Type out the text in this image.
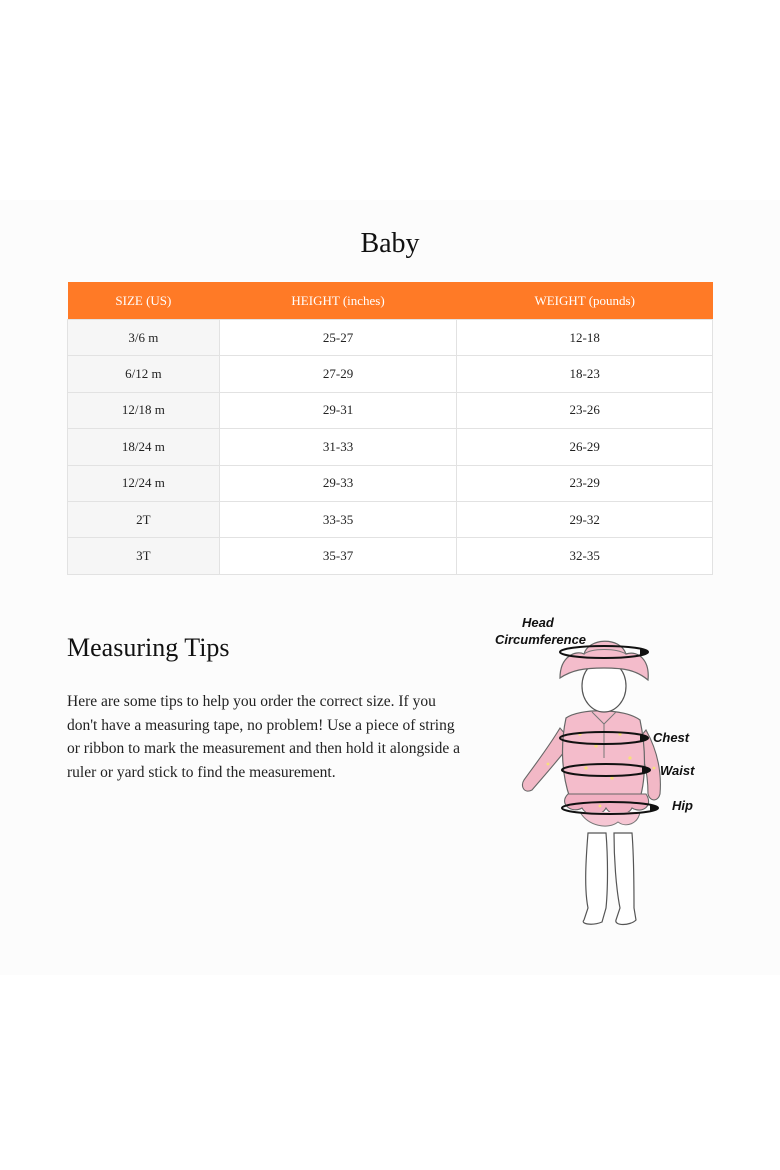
Baby
SIZE (US)	HEIGHT (inches)	WEIGHT (pounds)
3/6 m	25-27	12-18
6/12 m	27-29	18-23
12/18 m	29-31	23-26
18/24 m	31-33	26-29
12/24 m	29-33	23-29
2T	33-35	29-32
3T	35-37	32-35
Measuring Tips
Here are some tips to help you order the correct size. If you don't have a measuring tape, no problem! Use a piece of string or ribbon to mark the measurement and then hold it alongside a ruler or yard stick to find the measurement.
Head
Circumference
Chest
Waist
Hip
